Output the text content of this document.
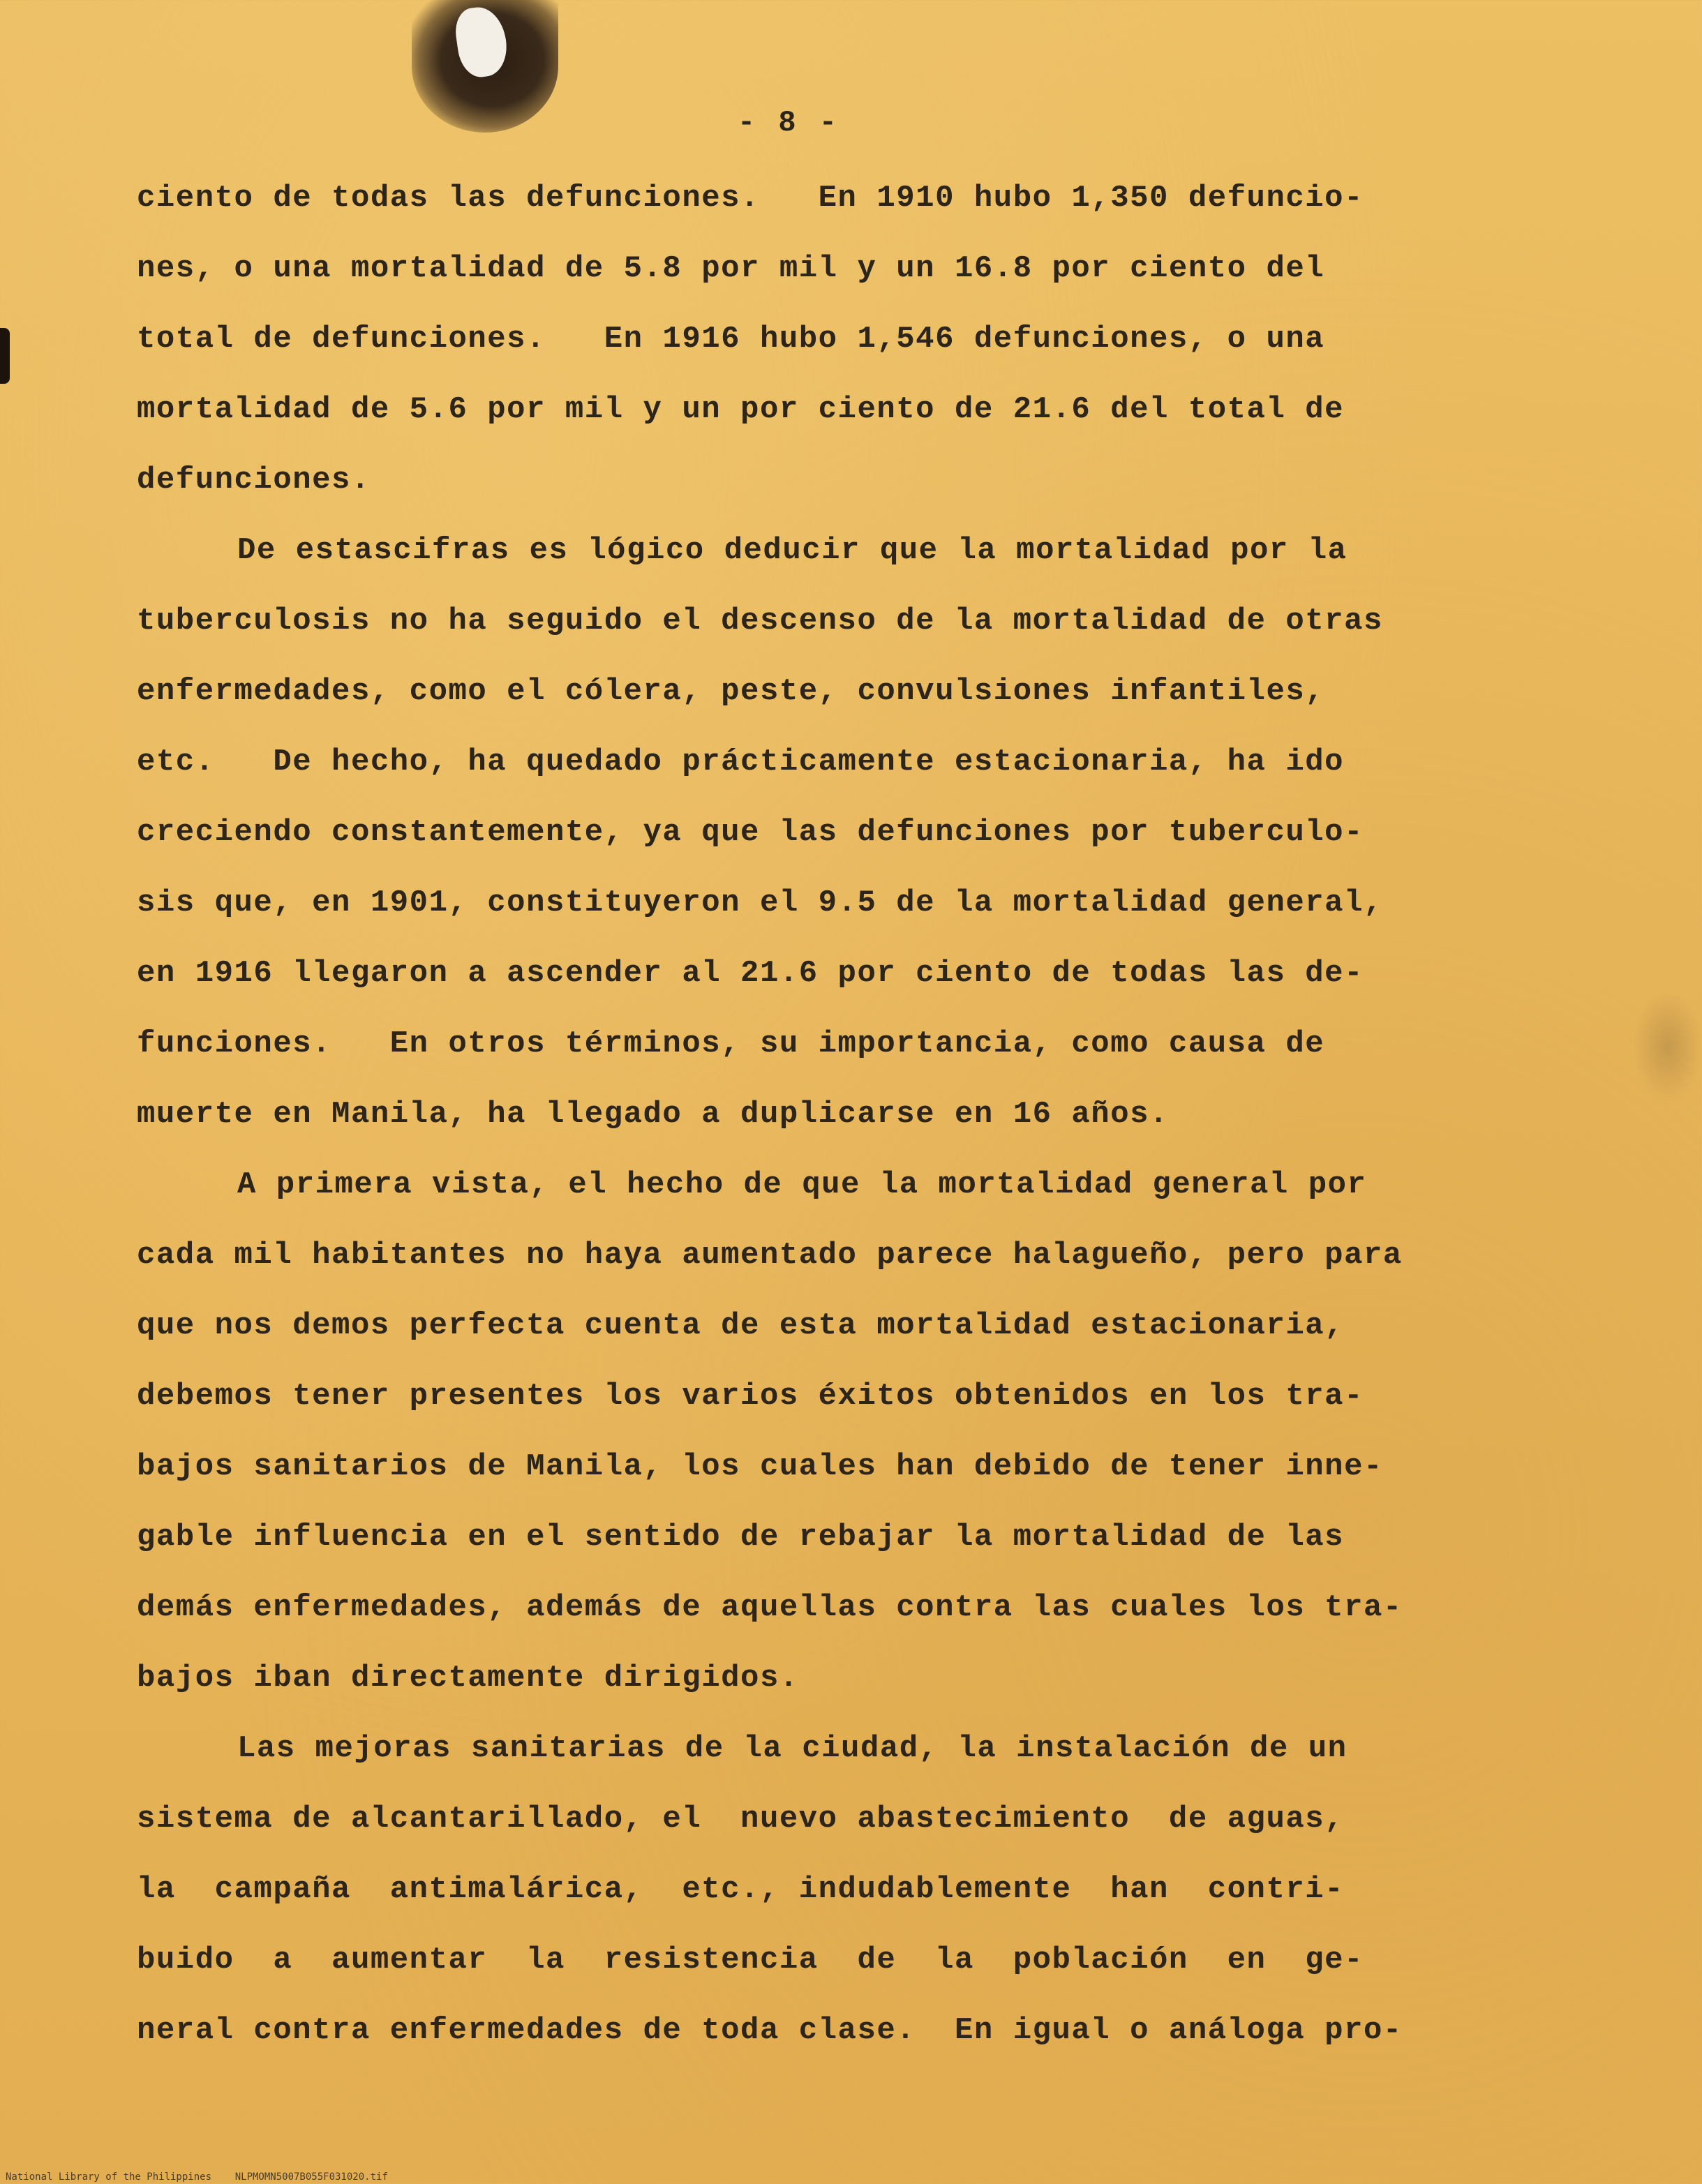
- 8 -
ciento de todas las defunciones.   En 1910 hubo 1,350 defuncio-
nes, o una mortalidad de 5.8 por mil y un 16.8 por ciento del
total de defunciones.   En 1916 hubo 1,546 defunciones, o una
mortalidad de 5.6 por mil y un por ciento de 21.6 del total de
defunciones.
De estascifras es lógico deducir que la mortalidad por la
tuberculosis no ha seguido el descenso de la mortalidad de otras
enfermedades, como el cólera, peste, convulsiones infantiles,
etc.   De hecho, ha quedado prácticamente estacionaria, ha ido
creciendo constantemente, ya que las defunciones por tuberculo-
sis que, en 1901, constituyeron el 9.5 de la mortalidad general,
en 1916 llegaron a ascender al 21.6 por ciento de todas las de-
funciones.   En otros términos, su importancia, como causa de
muerte en Manila, ha llegado a duplicarse en 16 años.
A primera vista, el hecho de que la mortalidad general por
cada mil habitantes no haya aumentado parece halagueño, pero para
que nos demos perfecta cuenta de esta mortalidad estacionaria,
debemos tener presentes los varios éxitos obtenidos en los tra-
bajos sanitarios de Manila, los cuales han debido de tener inne-
gable influencia en el sentido de rebajar la mortalidad de las
demás enfermedades, además de aquellas contra las cuales los tra-
bajos iban directamente dirigidos.
Las mejoras sanitarias de la ciudad, la instalación de un
sistema de alcantarillado, el  nuevo abastecimiento  de aguas,
la  campaña  antimalárica,  etc., indudablemente  han  contri-
buido  a  aumentar  la  resistencia  de  la  población  en  ge-
neral contra enfermedades de toda clase.  En igual o análoga pro-
National Library of the Philippines    NLPMOMN5007B055F031020.tif
